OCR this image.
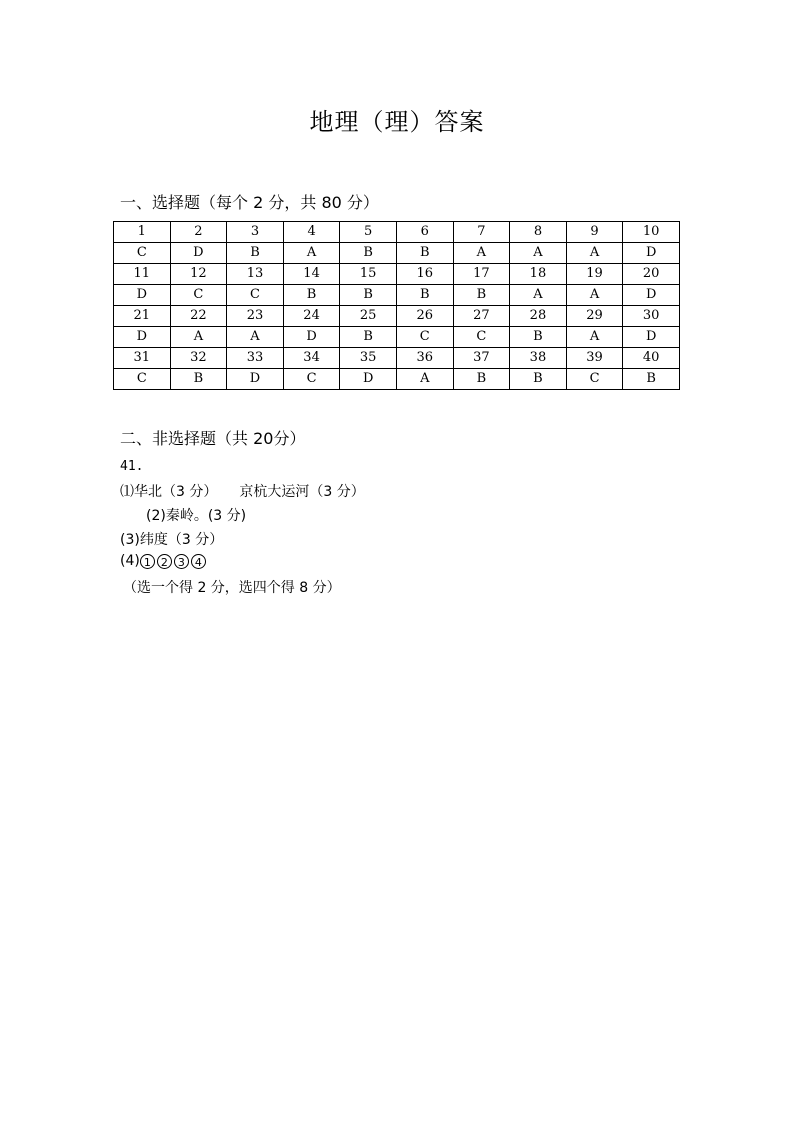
地理（理）答案
一、选择题（每个 2 分，共 80 分）
1	2	3	4	5	6	7	8	9	10
C	D	B	A	B	B	A	A	A	D
11	12	13	14	15	16	17	18	19	20
D	C	C	B	B	B	B	A	A	D
21	22	23	24	25	26	27	28	29	30
D	A	A	D	B	C	C	B	A	D
31	32	33	34	35	36	37	38	39	40
C	B	D	C	D	A	B	B	C	B
二、非选择题（共 20分）
41.
⑴华北（3 分） 京杭大运河（3 分）
(2)秦岭。(3 分)
(3)纬度（3 分）
(4) 1 2 3 4
（选一个得 2 分，选四个得 8 分）
